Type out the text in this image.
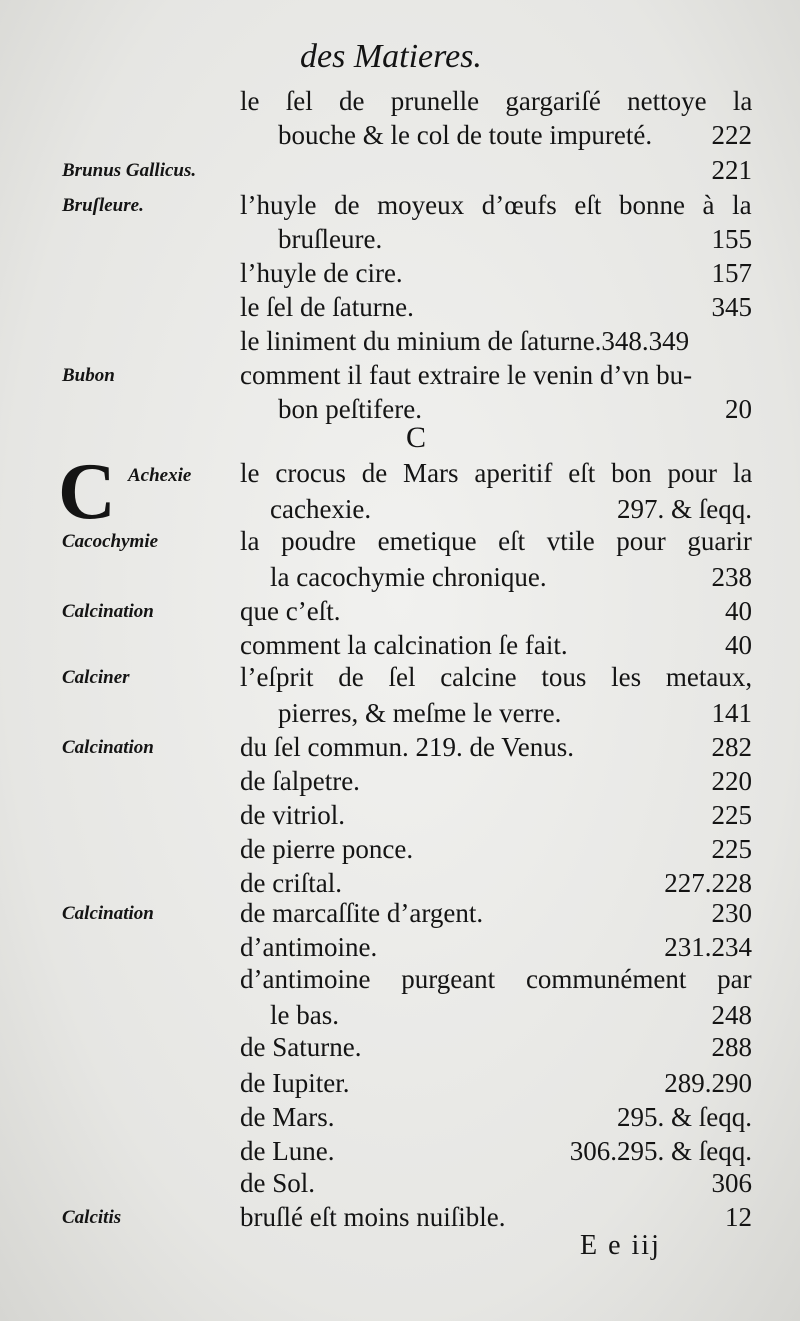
des Matieres.
le ſel de prunelle gargariſé nettoye la
bouche & le col de toute impureté. 222
Brunus Gallicus.	221
Bruſleure.	l’huyle de moyeux d’œufs eſt bonne à la
bruſleure.	155
l’huyle de cire.	157
le ſel de ſaturne.	345
le liniment du minium de ſaturne.348.349
Bubon	comment il faut extraire le venin d’vn bu-
bon peſtifere.	20
Achexie le crocus de Mars aperitif eſt bon pour la
cachexie.	297. & ſeqq.
Cacochymie	la poudre emetique eſt vtile pour guarir
la cacochymie chronique.	238
Calcination	que c’eſt.	40
comment la calcination ſe fait.	40
Calciner	l’eſprit de ſel calcine tous les metaux,
pierres, & meſme le verre.	141
Calcination	du ſel commun. 219. de Venus.	282
de ſalpetre.	220
de vitriol.	225
de pierre ponce.	225
de criſtal.	227.228
Calcination	de marcaſſite d’argent.	230
d’antimoine.	231.234
d’antimoine purgeant communément par
le bas.	248
de Saturne.	288
de Iupiter.	289.290
de Mars.	295. & ſeqq.
de Lune.	306.295. & ſeqq.
de Sol.	306
Calcitis	bruſlé eſt moins nuiſible.	12
C
C
E e iij
